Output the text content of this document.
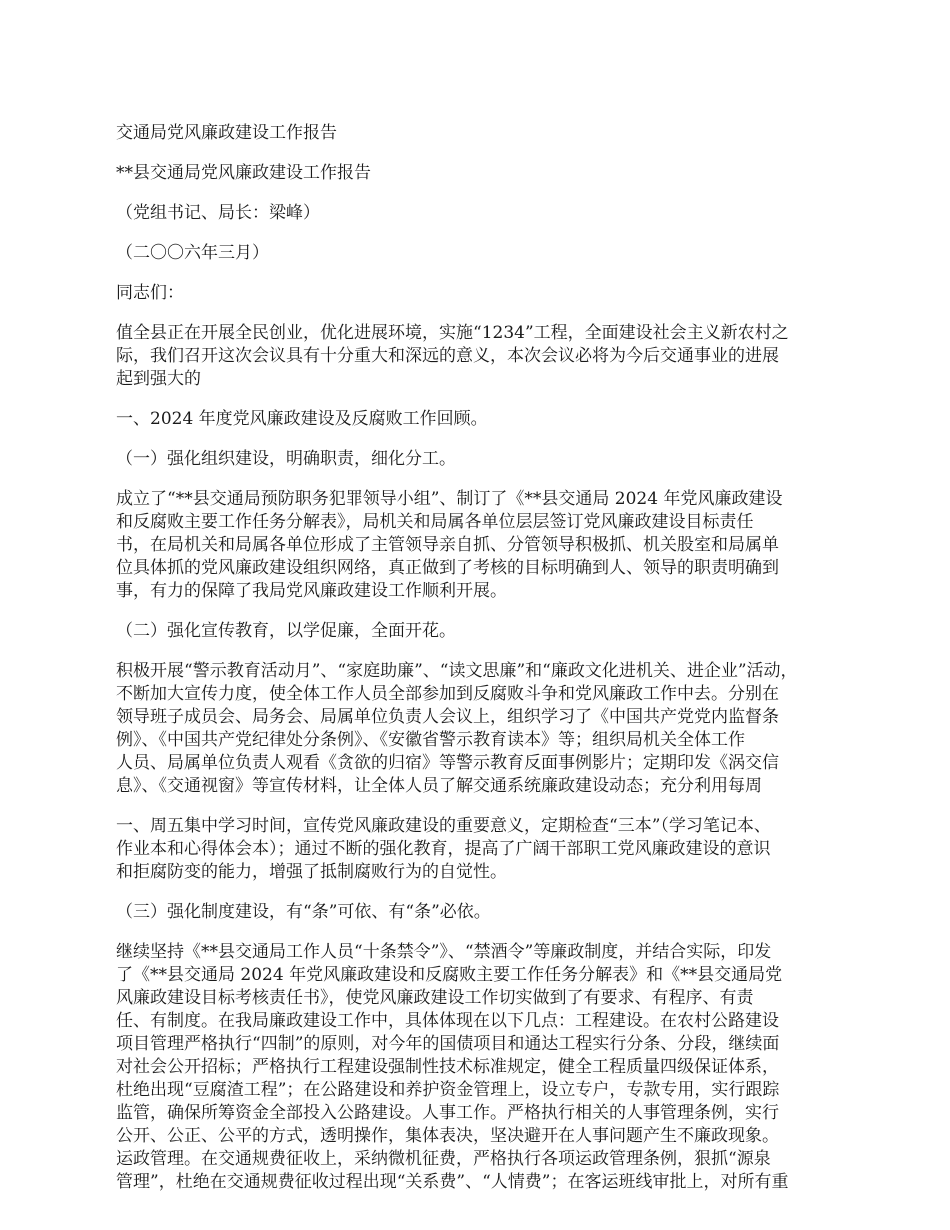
交通局党风廉政建设工作报告

**县交通局党风廉政建设工作报告

（党组书记、局长：梁峰）

（二〇〇六年三月）

同志们：

值全县正在开展全民创业，优化进展环境，实施“1234”工程，全面建设社会主义新农村之
际，我们召开这次会议具有十分重大和深远的意义，本次会议必将为今后交通事业的进展
起到强大的

一、2024 年度党风廉政建设及反腐败工作回顾。

（一）强化组织建设，明确职责，细化分工。

成立了“**县交通局预防职务犯罪领导小组”、制订了《**县交通局 2024 年党风廉政建设
和反腐败主要工作任务分解表》，局机关和局属各单位层层签订党风廉政建设目标责任
书，在局机关和局属各单位形成了主管领导亲自抓、分管领导积极抓、机关股室和局属单
位具体抓的党风廉政建设组织网络，真正做到了考核的目标明确到人、领导的职责明确到
事，有力的保障了我局党风廉政建设工作顺利开展。

（二）强化宣传教育，以学促廉，全面开花。

积极开展“警示教育活动月”、“家庭助廉”、“读文思廉”和“廉政文化进机关、进企业”活动，
不断加大宣传力度，使全体工作人员全部参加到反腐败斗争和党风廉政工作中去。分别在
领导班子成员会、局务会、局属单位负责人会议上，组织学习了《中国共产党党内监督条
例》、《中国共产党纪律处分条例》、《安徽省警示教育读本》等；组织局机关全体工作
人员、局属单位负责人观看《贪欲的归宿》等警示教育反面事例影片；定期印发《涡交信
息》、《交通视窗》等宣传材料，让全体人员了解交通系统廉政建设动态；充分利用每周

一、周五集中学习时间，宣传党风廉政建设的重要意义，定期检查“三本”（学习笔记本、
作业本和心得体会本）；通过不断的强化教育，提高了广阔干部职工党风廉政建设的意识
和拒腐防变的能力，增强了抵制腐败行为的自觉性。

（三）强化制度建设，有“条”可依、有“条”必依。

继续坚持《**县交通局工作人员“十条禁令”》、“禁酒令”等廉政制度，并结合实际，印发
了《**县交通局 2024 年党风廉政建设和反腐败主要工作任务分解表》和《**县交通局党
风廉政建设目标考核责任书》，使党风廉政建设工作切实做到了有要求、有程序、有责
任、有制度。在我局廉政建设工作中，具体体现在以下几点：工程建设。在农村公路建设
项目管理严格执行“四制”的原则，对今年的国债项目和通达工程实行分条、分段，继续面
对社会公开招标；严格执行工程建设强制性技术标准规定，健全工程质量四级保证体系，
杜绝出现“豆腐渣工程”；在公路建设和养护资金管理上，设立专户，专款专用，实行跟踪
监管，确保所筹资金全部投入公路建设。人事工作。严格执行相关的人事管理条例，实行
公开、公正、公平的方式，透明操作，集体表决，坚决避开在人事问题产生不廉政现象。
运政管理。在交通规费征收上，采纳微机征费，严格执行各项运政管理条例，狠抓“源泉
管理”，杜绝在交通规费征收过程出现“关系费”、“人情费”；在客运班线审批上，对所有重
